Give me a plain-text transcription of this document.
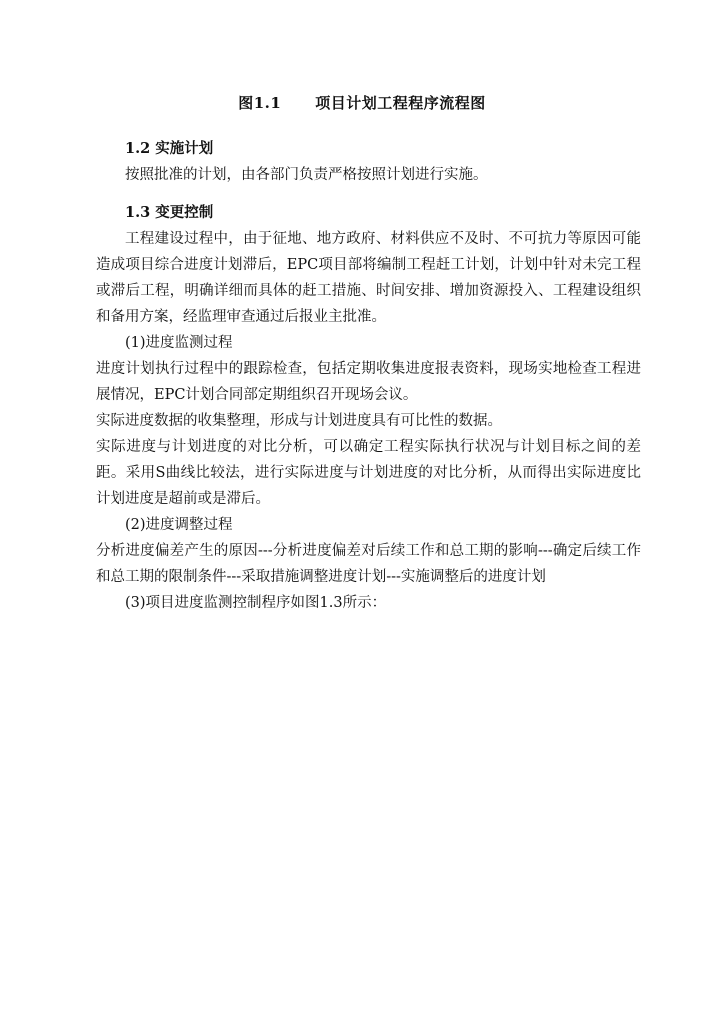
图1.1 项目计划工程程序流程图

1.2 实施计划

按照批准的计划，由各部门负责严格按照计划进行实施。

1.3 变更控制

工程建设过程中，由于征地、地方政府、材料供应不及时、不可抗力等原因可能造成项目综合进度计划滞后，EPC项目部将编制工程赶工计划，计划中针对未完工程或滞后工程，明确详细而具体的赶工措施、时间安排、增加资源投入、工程建设组织和备用方案，经监理审查通过后报业主批准。

(1)进度监测过程

进度计划执行过程中的跟踪检查，包括定期收集进度报表资料，现场实地检查工程进展情况，EPC计划合同部定期组织召开现场会议。

实际进度数据的收集整理，形成与计划进度具有可比性的数据。

实际进度与计划进度的对比分析，可以确定工程实际执行状况与计划目标之间的差距。采用S曲线比较法，进行实际进度与计划进度的对比分析，从而得出实际进度比计划进度是超前或是滞后。

(2)进度调整过程

分析进度偏差产生的原因---分析进度偏差对后续工作和总工期的影响---确定后续工作和总工期的限制条件---采取措施调整进度计划---实施调整后的进度计划

(3)项目进度监测控制程序如图1.3所示：
